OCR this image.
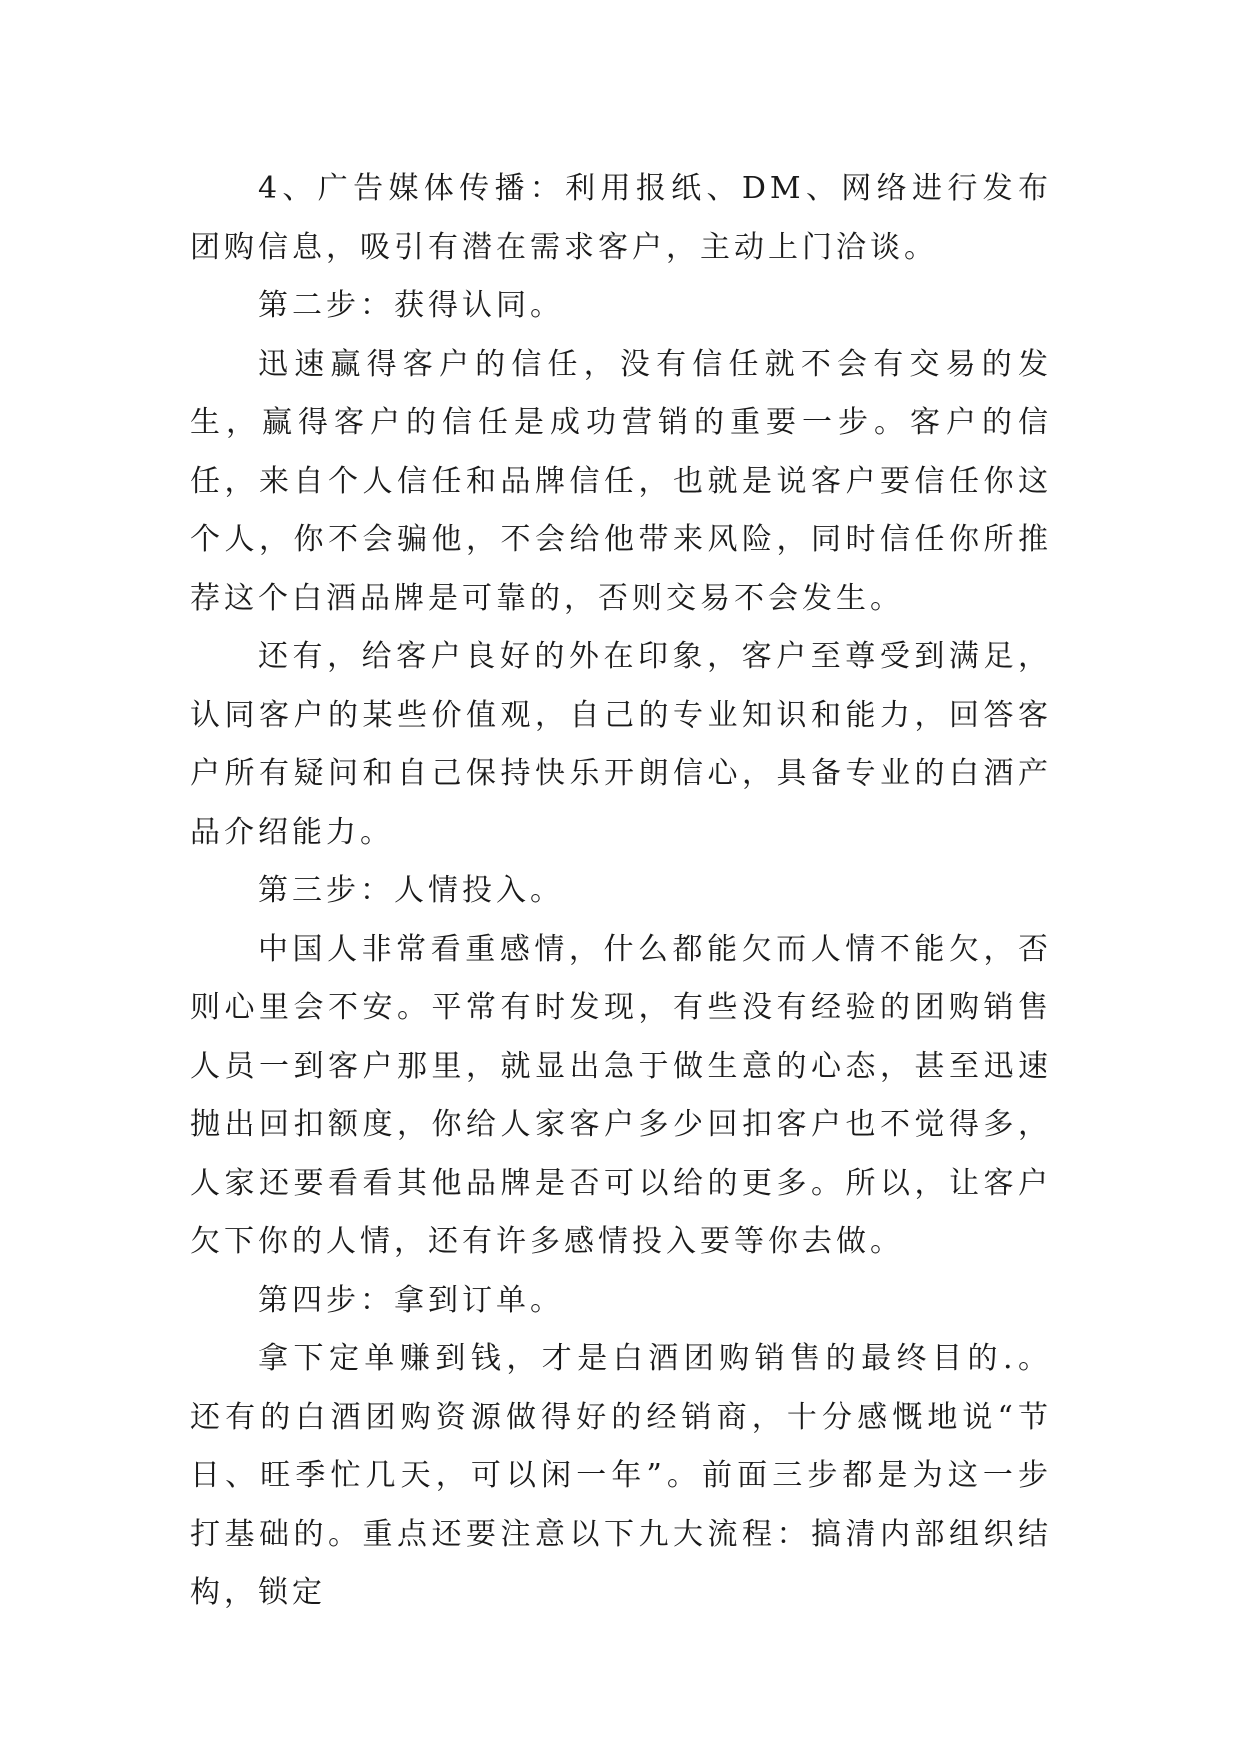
4、广告媒体传播：利用报纸、DM、网络进行发布团购信息，吸引有潜在需求客户，主动上门洽谈。

第二步：获得认同。

迅速赢得客户的信任，没有信任就不会有交易的发生，赢得客户的信任是成功营销的重要一步。客户的信任，来自个人信任和品牌信任，也就是说客户要信任你这个人，你不会骗他，不会给他带来风险，同时信任你所推荐这个白酒品牌是可靠的，否则交易不会发生。

还有，给客户良好的外在印象，客户至尊受到满足，认同客户的某些价值观，自己的专业知识和能力，回答客户所有疑问和自己保持快乐开朗信心，具备专业的白酒产品介绍能力。

第三步：人情投入。

中国人非常看重感情，什么都能欠而人情不能欠，否则心里会不安。平常有时发现，有些没有经验的团购销售人员一到客户那里，就显出急于做生意的心态，甚至迅速抛出回扣额度，你给人家客户多少回扣客户也不觉得多，人家还要看看其他品牌是否可以给的更多。所以，让客户欠下你的人情，还有许多感情投入要等你去做。

第四步：拿到订单。

拿下定单赚到钱，才是白酒团购销售的最终目的.。还有的白酒团购资源做得好的经销商，十分感慨地说“节日、旺季忙几天，可以闲一年”。前面三步都是为这一步打基础的。重点还要注意以下九大流程：搞清内部组织结构，锁定
